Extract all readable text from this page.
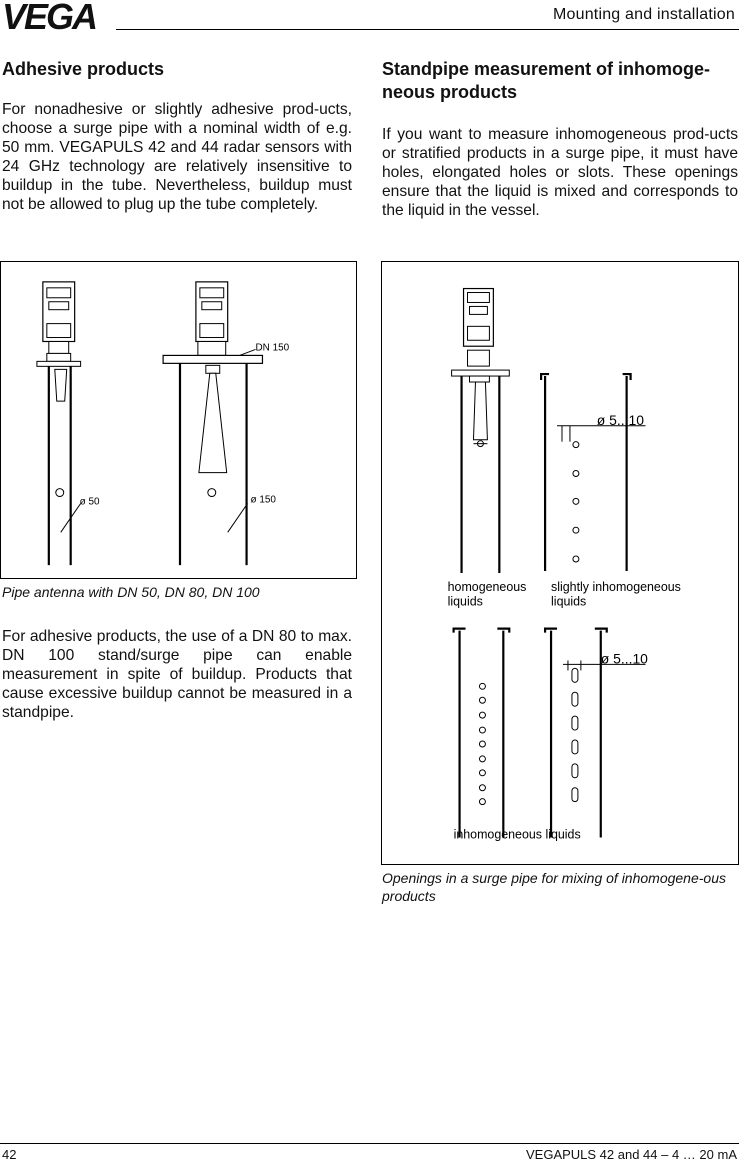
VEGA	Mounting and installation
Adhesive products

For nonadhesive or slightly adhesive prod-ucts, choose a surge pipe with a nominal width of e.g. 50 mm. VEGAPULS 42 and 44 radar sensors with 24 GHz technology are relatively insensitive to buildup in the tube. Nevertheless, buildup must not be allowed to plug up the tube completely.

DN 150
ø 50	ø 150
Pipe antenna with DN 50, DN 80, DN 100

For adhesive products, the use of a DN 80 to max. DN 100 stand/surge pipe can enable measurement in spite of buildup. Products that cause excessive buildup cannot be measured in a standpipe.

Standpipe measurement of inhomoge-neous products

If you want to measure inhomogeneous prod-ucts or stratified products in a surge pipe, it must have holes, elongated holes or slots. These openings ensure that the liquid is mixed and corresponds to the liquid in the vessel.

ø 5...10
ø 5...10
homogeneous
liquids
slightly inhomogeneous
liquids
inhomogeneous liquids
Openings in a surge pipe for mixing of inhomogene-ous products
42	VEGAPULS 42 and 44 – 4 … 20 mA
